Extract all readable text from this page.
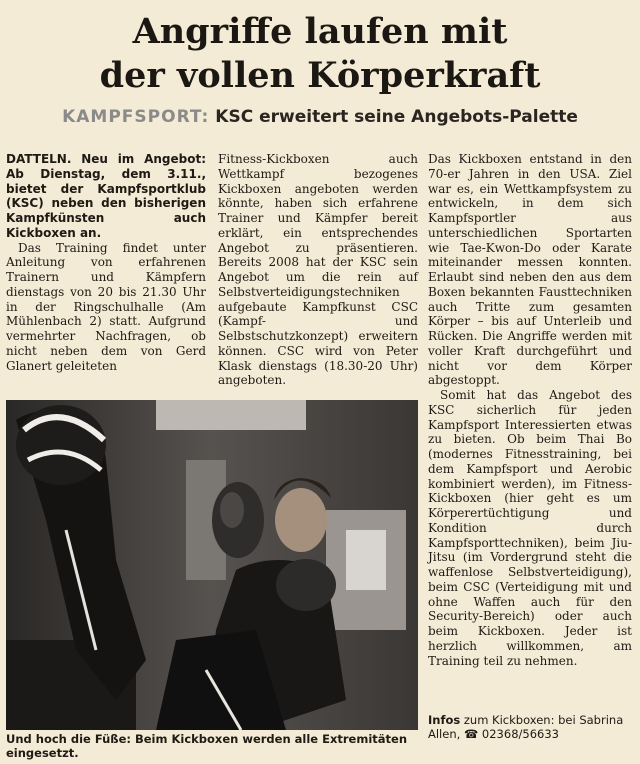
Angriffe laufen mit
der vollen Körperkraft
KAMPFSPORT: KSC erweitert seine Angebots-Palette

DATTELN. Neu im Angebot: Ab Dienstag, dem 3.11., bietet der Kampfsportklub (KSC) neben den bisherigen Kampfkünsten auch Kickboxen an.

Das Training findet unter Anleitung von erfahrenen Trainern und Kämpfern dienstags von 20 bis 21.30 Uhr in der Ringschulhalle (Am Mühlenbach 2) statt. Aufgrund vermehrter Nachfragen, ob nicht neben dem von Gerd Glanert geleiteten

Fitness-Kickboxen auch Wettkampf bezogenes Kickboxen angeboten werden könnte, haben sich erfahrene Trainer und Kämpfer bereit erklärt, ein entsprechendes Angebot zu präsentieren. Bereits 2008 hat der KSC sein Angebot um die rein auf Selbstverteidigungstechniken aufgebaute Kampfkunst CSC (Kampf- und Selbstschutzkonzept) erweitern können. CSC wird von Peter Klask dienstags (18.30-20 Uhr) angeboten.

Das Kickboxen entstand in den 70-er Jahren in den USA. Ziel war es, ein Wettkampfsystem zu entwickeln, in dem sich Kampfsportler aus unterschiedlichen Sportarten wie Tae-Kwon-Do oder Karate miteinander messen konnten. Erlaubt sind neben den aus dem Boxen bekannten Fausttechniken auch Tritte zum gesamten Körper – bis auf Unterleib und Rücken. Die Angriffe werden mit voller Kraft durchgeführt und nicht vor dem Körper abgestoppt.

Somit hat das Angebot des KSC sicherlich für jeden Kampfsport Interessierten etwas zu bieten. Ob beim Thai Bo (modernes Fitnesstraining, bei dem Kampfsport und Aerobic kombiniert werden), im Fitness-Kickboxen (hier geht es um Körperertüchtigung und Kondition durch Kampfsporttechniken), beim Jiu-Jitsu (im Vordergrund steht die waffenlose Selbstverteidigung), beim CSC (Verteidigung mit und ohne Waffen auch für den Security-Bereich) oder auch beim Kickboxen. Jeder ist herzlich willkommen, am Training teil zu nehmen.

Und hoch die Füße: Beim Kickboxen werden alle Extremitäten eingesetzt.
Infos zum Kickboxen: bei Sabrina Allen, ☎ 02368/56633
